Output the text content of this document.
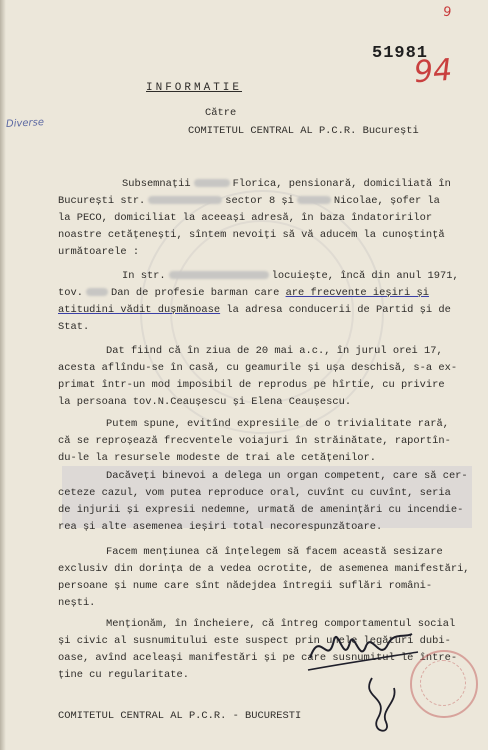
9
51981
94
Diverse
INFORMATIE
Către
COMITETUL CENTRAL AL P.C.R. București
Subsemnații	Florica, pensionară, domiciliată în
București str.	sector 8 și	Nicolae, șofer la
la PECO, domiciliat la aceeași adresă, în baza îndatoririlor
noastre cetățenești, sîntem nevoiți să vă aducem la cunoștință
următoarele :
In str.	locuiește, încă din anul 1971,
tov.	Dan de profesie barman care are frecvente ieșiri și
atitudini vădit dușmănoase la adresa conducerii de Partid și de
Stat.
Dat fiind că în ziua de 20 mai a.c., în jurul orei 17,
acesta aflîndu-se în casă, cu geamurile și ușa deschisă, s-a ex-
primat într-un mod imposibil de reprodus pe hîrtie, cu privire
la persoana tov.N.Ceaușescu și Elena Ceaușescu.
Putem spune, evitînd expresiile de o trivialitate rară,
că se reproșează frecventele voiajuri în străinătate, raportîn-
du-le la resursele modeste de trai ale cetățenilor.
Dacăveți binevoi a delega un organ competent, care să cer-
ceteze cazul, vom putea reproduce oral, cuvînt cu cuvînt, seria
de injurii și expresii nedemne, urmată de amenințări cu incendie-
rea și alte asemenea ieșiri total necorespunzătoare.
Facem mențiunea că înțelegem să facem această sesizare
exclusiv din dorința de a vedea ocrotite, de asemenea manifestări,
persoane și nume care sînt nădejdea întregii suflări români-
nești.
Menționăm, în încheiere, că întreg comportamentul social
și civic al susnumitului este suspect prin unele legături dubi-
oase, avînd aceleași manifestări și pe care susnumitul le între-
ține cu regularitate.
COMITETUL CENTRAL AL P.C.R. - BUCURESTI
